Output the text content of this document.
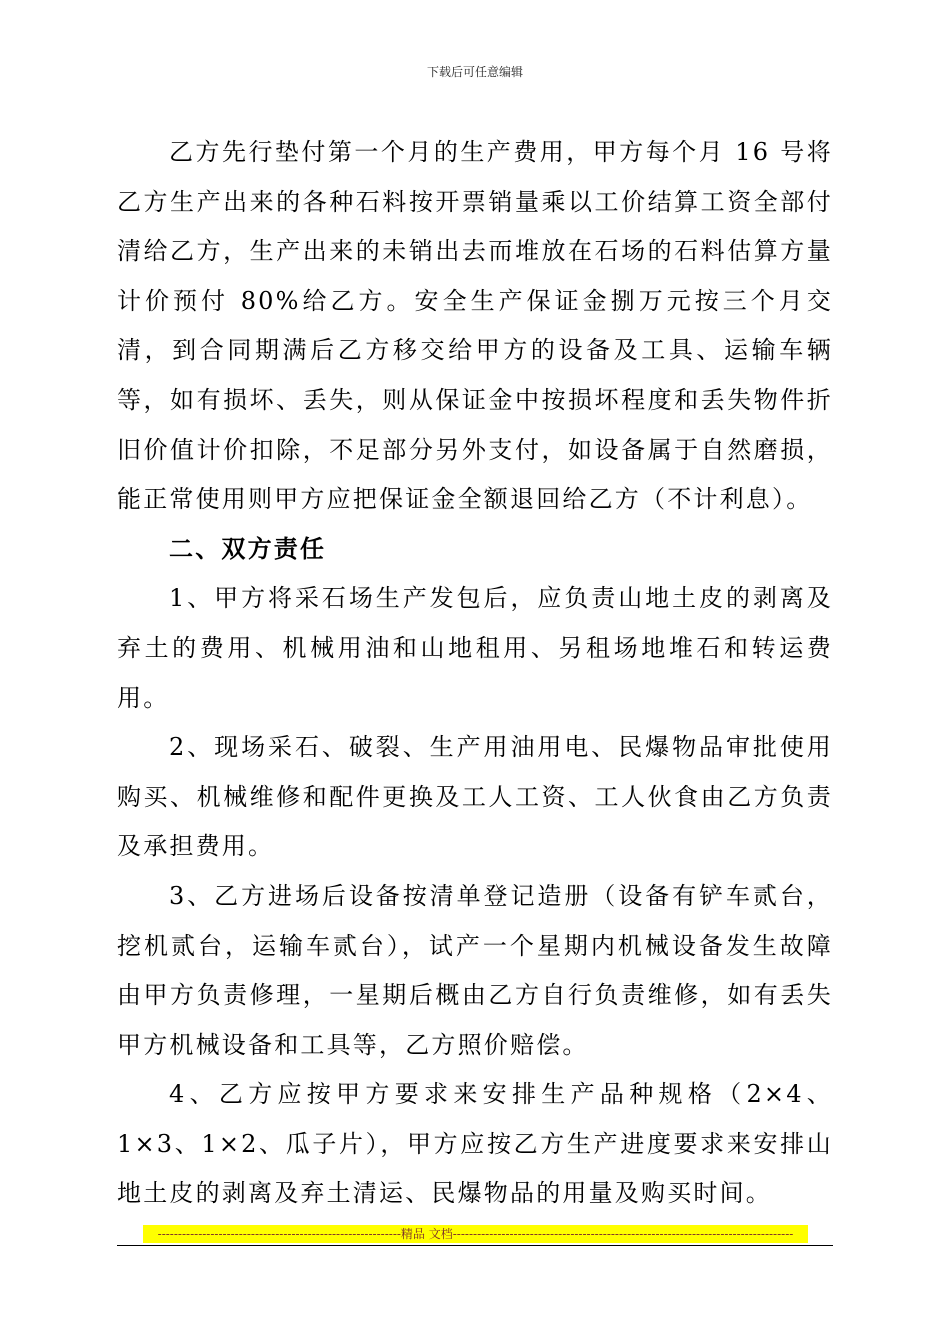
下载后可任意编辑

乙方先行垫付第一个月的生产费用，甲方每个月 16 号将乙方生产出来的各种石料按开票销量乘以工价结算工资全部付清给乙方，生产出来的未销出去而堆放在石场的石料估算方量计价预付 80%给乙方。安全生产保证金捌万元按三个月交清，到合同期满后乙方移交给甲方的设备及工具、运输车辆等，如有损坏、丢失，则从保证金中按损坏程度和丢失物件折旧价值计价扣除，不足部分另外支付，如设备属于自然磨损，能正常使用则甲方应把保证金全额退回给乙方（不计利息）。

二、双方责任

1、甲方将采石场生产发包后，应负责山地土皮的剥离及弃土的费用、机械用油和山地租用、另租场地堆石和转运费用。

2、现场采石、破裂、生产用油用电、民爆物品审批使用购买、机械维修和配件更换及工人工资、工人伙食由乙方负责及承担费用。

3、乙方进场后设备按清单登记造册（设备有铲车贰台，挖机贰台，运输车贰台），试产一个星期内机械设备发生故障由甲方负责修理，一星期后概由乙方自行负责维修，如有丢失甲方机械设备和工具等，乙方照价赔偿。

4、乙方应按甲方要求来安排生产品种规格（2×4、1×3、1×2、瓜子片），甲方应按乙方生产进度要求来安排山地土皮的剥离及弃土清运、民爆物品的用量及购买时间。

------------------------------------------------------------精品 文档------------------------------------------------------------------------------------
